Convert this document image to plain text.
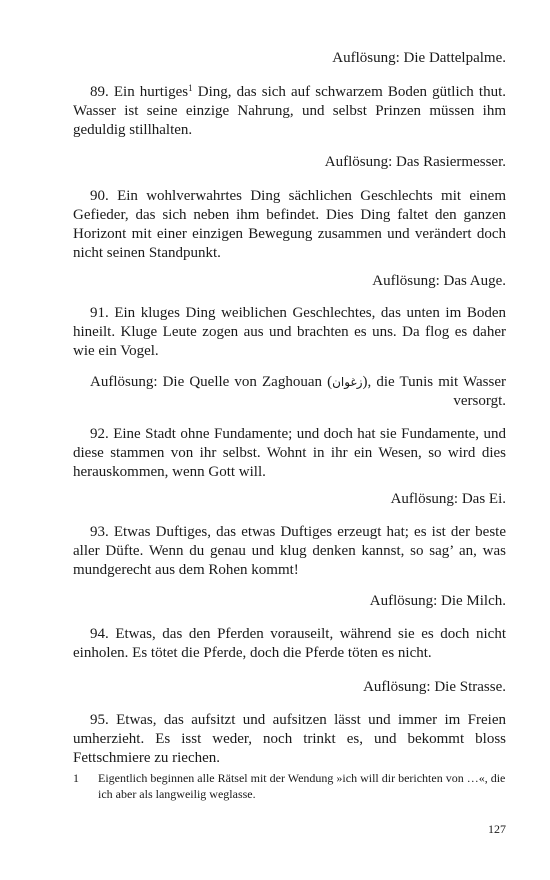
Auflösung: Die Dattelpalme.
89. Ein hurtiges$^1$ Ding, das sich auf schwarzem Boden gütlich thut. Wasser ist seine einzige Nahrung, und selbst Prinzen müssen ihm geduldig stillhalten.
Auflösung: Das Rasiermesser.
90. Ein wohlverwahrtes Ding sächlichen Geschlechts mit einem Gefieder, das sich neben ihm befindet. Dies Ding faltet den ganzen Horizont mit einer einzigen Bewegung zusammen und verändert doch nicht seinen Standpunkt.
Auflösung: Das Auge.
91. Ein kluges Ding weiblichen Geschlechtes, das unten im Boden hineilt. Kluge Leute zogen aus und brachten es uns. Da flog es daher wie ein Vogel.
Auflösung: Die Quelle von Zaghouan (زغوان), die Tunis mit Wasser versorgt.
92. Eine Stadt ohne Fundamente; und doch hat sie Fundamente, und diese stammen von ihr selbst. Wohnt in ihr ein Wesen, so wird dies herauskommen, wenn Gott will.
Auflösung: Das Ei.
93. Etwas Duftiges, das etwas Duftiges erzeugt hat; es ist der beste aller Düfte. Wenn du genau und klug denken kannst, so sag’ an, was mundgerecht aus dem Rohen kommt!
Auflösung: Die Milch.
94. Etwas, das den Pferden vorauseilt, während sie es doch nicht einholen. Es tötet die Pferde, doch die Pferde töten es nicht.
Auflösung: Die Strasse.
95. Etwas, das aufsitzt und aufsitzen lässt und immer im Freien umherzieht. Es isst weder, noch trinkt es, und bekommt bloss Fettschmiere zu riechen.
1 Eigentlich beginnen alle Rätsel mit der Wendung »ich will dir berichten von …«, die ich aber als langweilig weglasse.
127
